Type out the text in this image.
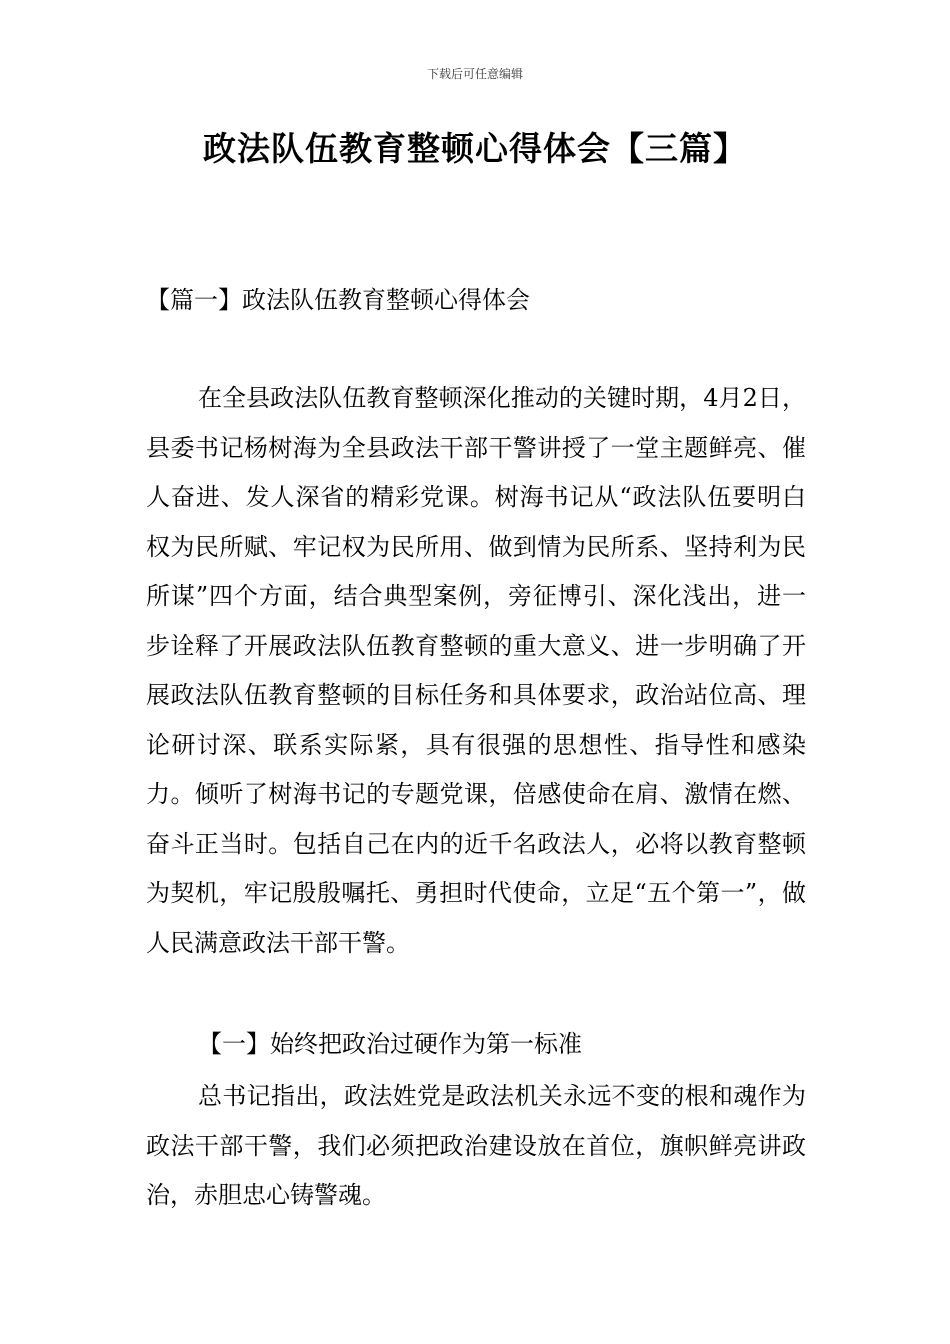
下载后可任意编辑
政法队伍教育整顿心得体会【三篇】
【篇一】政法队伍教育整顿心得体会

在全县政法队伍教育整顿深化推动的关键时期，4月2日，县委书记杨树海为全县政法干部干警讲授了一堂主题鲜亮、催人奋进、发人深省的精彩党课。树海书记从“政法队伍要明白权为民所赋、牢记权为民所用、做到情为民所系、坚持利为民所谋”四个方面，结合典型案例，旁征博引、深化浅出，进一步诠释了开展政法队伍教育整顿的重大意义、进一步明确了开展政法队伍教育整顿的目标任务和具体要求，政治站位高、理论研讨深、联系实际紧，具有很强的思想性、指导性和感染力。倾听了树海书记的专题党课，倍感使命在肩、激情在燃、奋斗正当时。包括自己在内的近千名政法人，必将以教育整顿为契机，牢记殷殷嘱托、勇担时代使命，立足“五个第一”，做人民满意政法干部干警。

【一】始终把政治过硬作为第一标准

总书记指出，政法姓党是政法机关永远不变的根和魂作为政法干部干警，我们必须把政治建设放在首位，旗帜鲜亮讲政治，赤胆忠心铸警魂。
